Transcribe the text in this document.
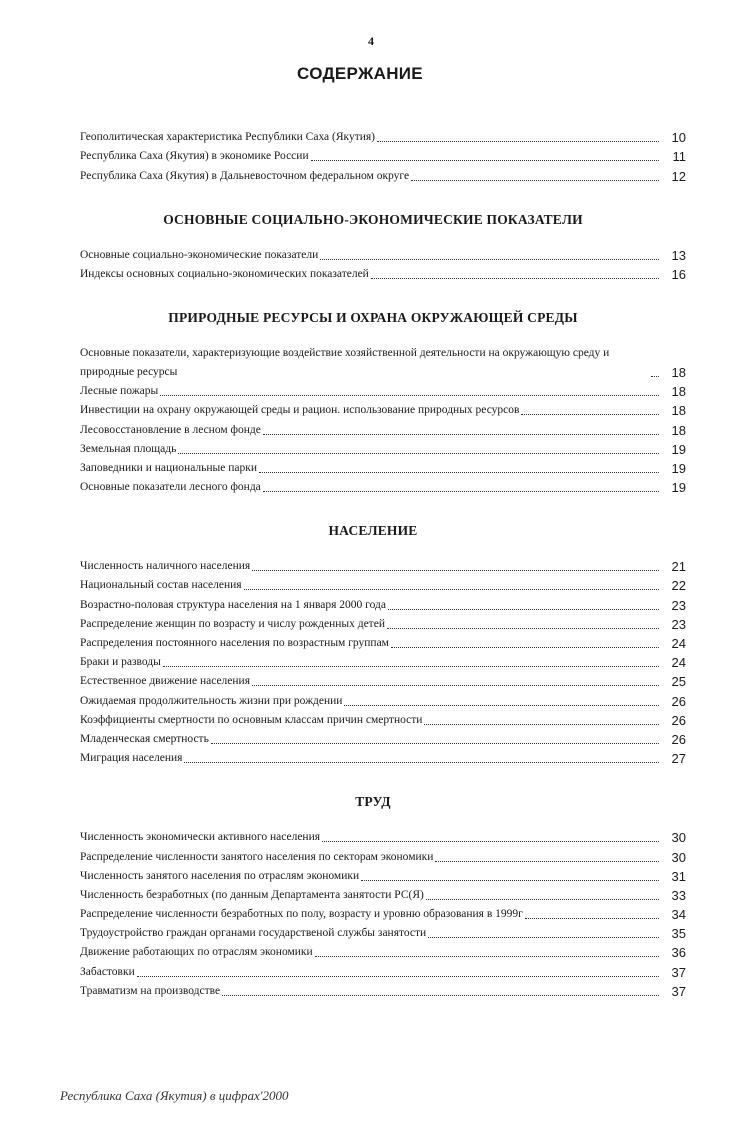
4
СОДЕРЖАНИЕ
Геополитическая характеристика Республики Саха (Якутия)	10
Республика Саха (Якутия) в экономике России	11
Республика Саха (Якутия) в Дальневосточном федеральном округе	12
ОСНОВНЫЕ СОЦИАЛЬНО-ЭКОНОМИЧЕСКИЕ ПОКАЗАТЕЛИ
Основные социально-экономические показатели	13
Индексы основных социально-экономических показателей	16
ПРИРОДНЫЕ РЕСУРСЫ И ОХРАНА ОКРУЖАЮЩЕЙ СРЕДЫ
Основные показатели, характеризующие воздействие хозяйственной деятельности на окружающую среду и природные ресурсы	18
Лесные пожары	18
Инвестиции на охрану окружающей среды и рацион. использование природных ресурсов	18
Лесовосстановление в лесном фонде	18
Земельная площадь	19
Заповедники и национальные парки	19
Основные показатели лесного фонда	19
НАСЕЛЕНИЕ
Численность наличного населения	21
Национальный состав населения	22
Возрастно-половая структура населения на 1 января 2000 года	23
Распределение женщин по возрасту и числу рожденных детей	23
Распределения постоянного населения по возрастным группам	24
Браки и разводы	24
Естественное движение населения	25
Ожидаемая продолжительность жизни при рождении	26
Коэффициенты смертности по основным классам причин смертности	26
Младенческая смертность	26
Миграция населения	27
ТРУД
Численность экономически активного населения	30
Распределение численности занятого населения по секторам экономики	30
Численность занятого населения по отраслям экономики	31
Численность безработных (по данным Департамента занятости РС(Я)	33
Распределение численности безработных по полу, возрасту и уровню образования в 1999г	34
Трудоустройство граждан органами государственой службы занятости	35
Движение работающих по отраслям экономики	36
Забастовки	37
Травматизм на производстве	37
Республика Саха (Якутия) в цифрах'2000
